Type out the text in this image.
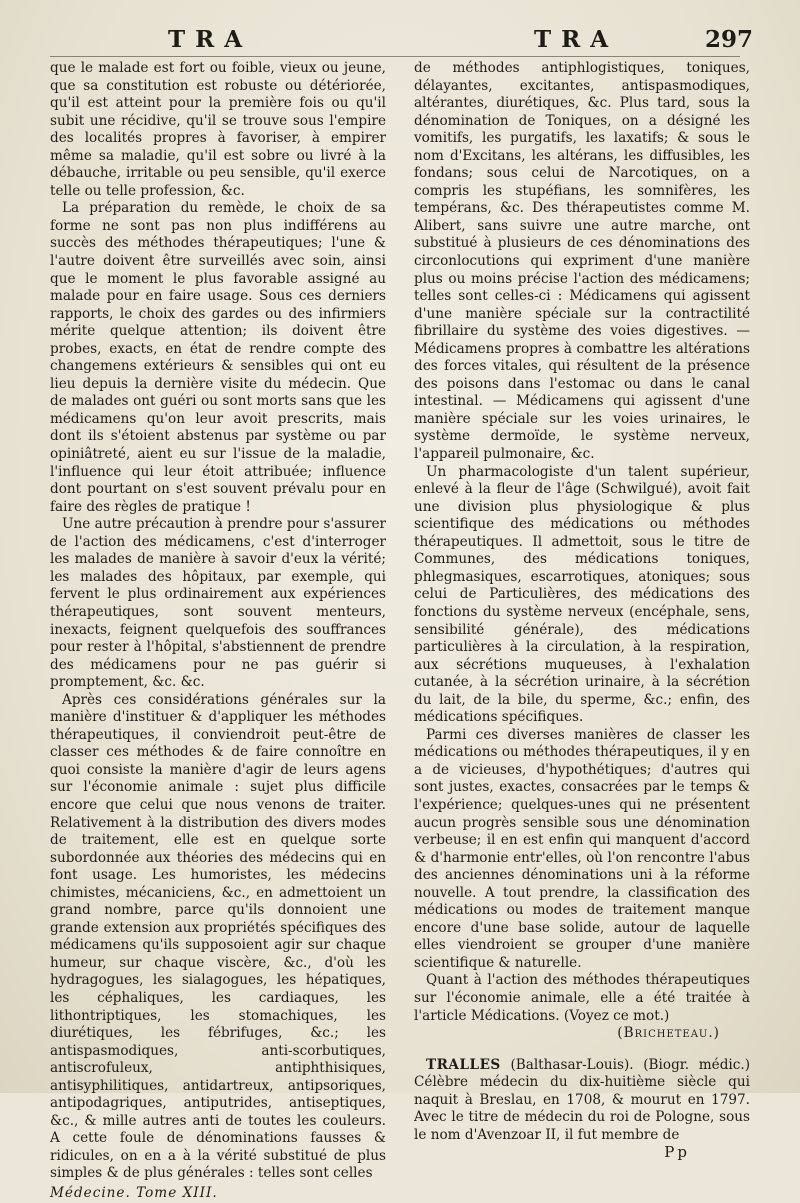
TRA	TRA	297

que le malade est fort ou foible, vieux ou jeune, que sa constitution est robuste ou détériorée, qu'il est atteint pour la première fois ou qu'il subit une récidive, qu'il se trouve sous l'empire des localités propres à favoriser, à empirer même sa maladie, qu'il est sobre ou livré à la débauche, irritable ou peu sensible, qu'il exerce telle ou telle profession, &c.

La préparation du remède, le choix de sa forme ne sont pas non plus indifférens au succès des méthodes thérapeutiques; l'une & l'autre doivent être surveillés avec soin, ainsi que le moment le plus favorable assigné au malade pour en faire usage. Sous ces derniers rapports, le choix des gardes ou des infirmiers mérite quelque attention; ils doivent être probes, exacts, en état de rendre compte des changemens extérieurs & sensibles qui ont eu lieu depuis la dernière visite du médecin. Que de malades ont guéri ou sont morts sans que les médicamens qu'on leur avoit prescrits, mais dont ils s'étoient abstenus par système ou par opiniâtreté, aient eu sur l'issue de la maladie, l'influence qui leur étoit attribuée; influence dont pourtant on s'est souvent prévalu pour en faire des règles de pratique !

Une autre précaution à prendre pour s'assurer de l'action des médicamens, c'est d'interroger les malades de manière à savoir d'eux la vérité; les malades des hôpitaux, par exemple, qui fervent le plus ordinairement aux expériences thérapeutiques, sont souvent menteurs, inexacts, feignent quelquefois des souffrances pour rester à l'hôpital, s'abstiennent de prendre des médicamens pour ne pas guérir si promptement, &c. &c.

Après ces considérations générales sur la manière d'instituer & d'appliquer les méthodes thérapeutiques, il conviendroit peut-être de classer ces méthodes & de faire connoître en quoi consiste la manière d'agir de leurs agens sur l'économie animale : sujet plus difficile encore que celui que nous venons de traiter. Relativement à la distribution des divers modes de traitement, elle est en quelque sorte subordonnée aux théories des médecins qui en font usage. Les humoristes, les médecins chimistes, mécaniciens, &c., en admettoient un grand nombre, parce qu'ils donnoient une grande extension aux propriétés spécifiques des médicamens qu'ils supposoient agir sur chaque humeur, sur chaque viscère, &c., d'où les hydragogues, les sialagogues, les hépatiques, les céphaliques, les cardiaques, les lithontriptiques, les stomachiques, les diurétiques, les fébrifuges, &c.; les antispasmodiques, anti-scorbutiques, antiscrofuleux, antiphthisiques, antisyphilitiques, antidartreux, antipsoriques, antipodagriques, antiputrides, antiseptiques, &c., & mille autres anti de toutes les couleurs. A cette foule de dénominations fausses & ridicules, on en a à la vérité substitué de plus simples & de plus générales : telles sont celles

Médecine. Tome XIII.

de méthodes antiphlogistiques, toniques, délayantes, excitantes, antispasmodiques, altérantes, diurétiques, &c. Plus tard, sous la dénomination de Toniques, on a désigné les vomitifs, les purgatifs, les laxatifs; & sous le nom d'Excitans, les altérans, les diffusibles, les fondans; sous celui de Narcotiques, on a compris les stupéfians, les somnifères, les tempérans, &c. Des thérapeutistes comme M. Alibert, sans suivre une autre marche, ont substitué à plusieurs de ces dénominations des circonlocutions qui expriment d'une manière plus ou moins précise l'action des médicamens; telles sont celles-ci : Médicamens qui agissent d'une manière spéciale sur la contractilité fibrillaire du système des voies digestives. — Médicamens propres à combattre les altérations des forces vitales, qui résultent de la présence des poisons dans l'estomac ou dans le canal intestinal. — Médicamens qui agissent d'une manière spéciale sur les voies urinaires, le système dermoïde, le système nerveux, l'appareil pulmonaire, &c.

Un pharmacologiste d'un talent supérieur, enlevé à la fleur de l'âge (Schwilgué), avoit fait une division plus physiologique & plus scientifique des médications ou méthodes thérapeutiques. Il admettoit, sous le titre de Communes, des médications toniques, phlegmasiques, escarrotiques, atoniques; sous celui de Particulières, des médications des fonctions du système nerveux (encéphale, sens, sensibilité générale), des médications particulières à la circulation, à la respiration, aux sécrétions muqueuses, à l'exhalation cutanée, à la sécrétion urinaire, à la sécrétion du lait, de la bile, du sperme, &c.; enfin, des médications spécifiques.

Parmi ces diverses manières de classer les médications ou méthodes thérapeutiques, il y en a de vicieuses, d'hypothétiques; d'autres qui sont justes, exactes, consacrées par le temps & l'expérience; quelques-unes qui ne présentent aucun progrès sensible sous une dénomination verbeuse; il en est enfin qui manquent d'accord & d'harmonie entr'elles, où l'on rencontre l'abus des anciennes dénominations uni à la réforme nouvelle. A tout prendre, la classification des médications ou modes de traitement manque encore d'une base solide, autour de laquelle elles viendroient se grouper d'une manière scientifique & naturelle.

Quant à l'action des méthodes thérapeutiques sur l'économie animale, elle a été traitée à l'article Médications. (Voyez ce mot.)

(Bricheteau.)

TRALLES (Balthasar-Louis). (Biogr. médic.) Célèbre médecin du dix-huitième siècle qui naquit à Breslau, en 1708, & mourut en 1797. Avec le titre de médecin du roi de Pologne, sous le nom d'Avenzoar II, il fut membre de

Pp
